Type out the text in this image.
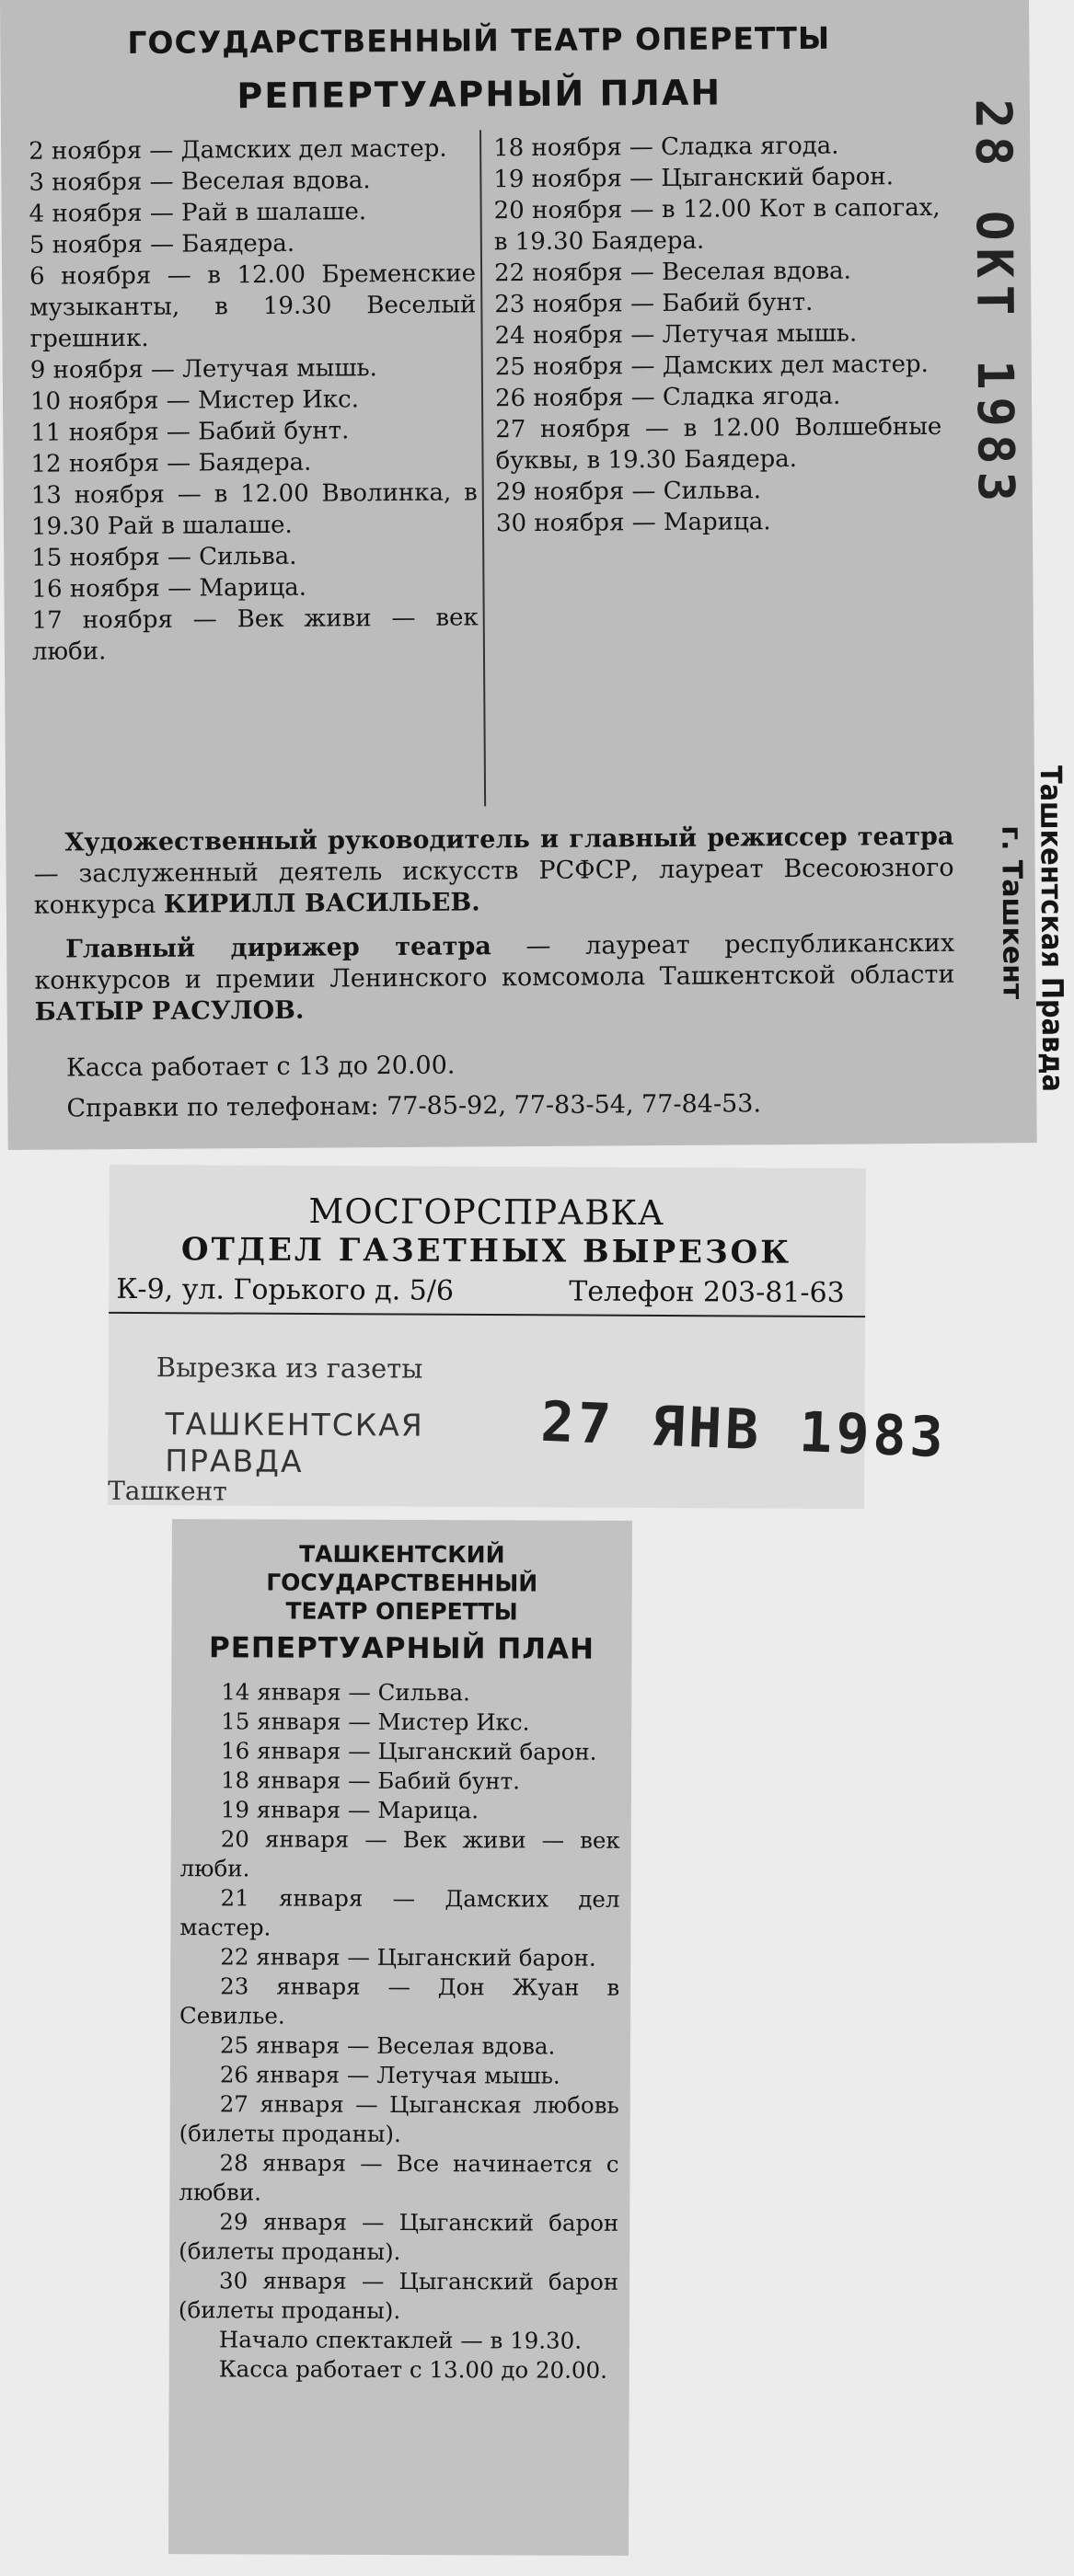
ГОСУДАРСТВЕННЫЙ ТЕАТР ОПЕРЕТТЫ
РЕПЕРТУАРНЫЙ ПЛАН

2 ноября — Дамских дел мастер.

3 ноября — Веселая вдова.

4 ноября — Рай в шалаше.

5 ноября — Баядера.

6 ноября — в 12.00 Бременские музыканты, в 19.30 Веселый грешник.

9 ноября — Летучая мышь.

10 ноября — Мистер Икс.

11 ноября — Бабий бунт.

12 ноября — Баядера.

13 ноября — в 12.00 Вволинка, в 19.30 Рай в шалаше.

15 ноября — Сильва.

16 ноября — Марица.

17 ноября — Век живи — век люби.

18 ноября — Сладка ягода.

19 ноября — Цыганский барон.

20 ноября — в 12.00 Кот в сапогах, в 19.30 Баядера.

22 ноября — Веселая вдова.

23 ноября — Бабий бунт.

24 ноября — Летучая мышь.

25 ноября — Дамских дел мастер.

26 ноября — Сладка ягода.

27 ноября — в 12.00 Волшебные буквы, в 19.30 Баядера.

29 ноября — Сильва.

30 ноября — Марица.

Художественный руководитель и главный режиссер театра — заслуженный деятель искусств РСФСР, лауреат Всесоюзного конкурса КИРИЛЛ ВАСИЛЬЕВ.

Главный дирижер театра — лауреат республиканских конкурсов и премии Ленинского комсомола Ташкентской области БАТЫР РАСУЛОВ.

Касса работает с 13 до 20.00.

Справки по телефонам: 77-85-92, 77-83-54, 77-84-53.

28 ОКТ 1983
Ташкентская Правда
г. Ташкент
МОСГОРСПРАВКА
ОТДЕЛ ГАЗЕТНЫХ ВЫРЕЗОК
К-9, ул. Горького д. 5/6	Телефон 203-81-63
Вырезка из газеты
ТАШКЕНТСКАЯ ПРАВДА
Ташкент
27 ЯНВ 1983
ТАШКЕНТСКИЙ
ГОСУДАРСТВЕННЫЙ
ТЕАТР ОПЕРЕТТЫ
РЕПЕРТУАРНЫЙ ПЛАН

14 января — Сильва.

15 января — Мистер Икс.

16 января — Цыганский барон.

18 января — Бабий бунт.

19 января — Марица.

20 января — Век живи — век люби.

21 января — Дамских дел мастер.

22 января — Цыганский барон.

23 января — Дон Жуан в Севилье.

25 января — Веселая вдова.

26 января — Летучая мышь.

27 января — Цыганская любовь (билеты проданы).

28 января — Все начинается с любви.

29 января — Цыганский барон (билеты проданы).

30 января — Цыганский барон (билеты проданы).

Начало спектаклей — в 19.30.

Касса работает с 13.00 до 20.00.
